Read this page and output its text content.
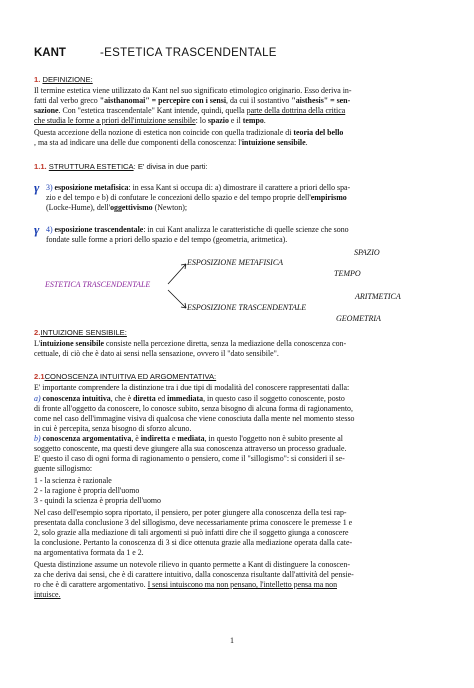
KANT	-ESTETICA TRASCENDENTALE
1. DEFINIZIONE:
Il termine estetica viene utilizzato da Kant nel suo significato etimologico originario. Esso deriva in-
fatti dal verbo greco "aisthanomai" = percepire con i sensi, da cui il sostantivo "aisthesis" = sen-
sazione. Con "estetica trascendentale" Kant intende, quindi, quella parte della dottrina della critica
che studia le forme a priori dell'intuizione sensibile: lo spazio e il tempo.
Questa accezione della nozione di estetica non coincide con quella tradizionale di teoria del bello
, ma sta ad indicare una delle due componenti della conoscenza: l'intuizione sensibile.
1.1. STRUTTURA ESTETICA: E' divisa in due parti:
γ 3) esposizione metafisica: in essa Kant si occupa di: a) dimostrare il carattere a priori dello spa-
zio e del tempo e b) di confutare le concezioni dello spazio e del tempo proprie dell'empirismo
(Locke-Hume), dell'oggettivismo (Newton);
γ 4) esposizione trascendentale: in cui Kant analizza le caratteristiche di quelle scienze che sono
fondate sulle forme a priori dello spazio e del tempo (geometria, aritmetica).
SPAZIO
ESPOSIZIONE METAFISICA
TEMPO
ESTETICA TRASCENDENTALE
ARITMETICA
ESPOSIZIONE TRASCENDENTALE
GEOMETRIA
2.INTUIZIONE SENSIBILE:
L'intuizione sensibile consiste nella percezione diretta, senza la mediazione della conoscenza con-
cettuale, di ciò che è dato ai sensi nella sensazione, ovvero il "dato sensibile".
2.1CONOSCENZA INTUITIVA ED ARGOMENTATIVA:
E' importante comprendere la distinzione tra i due tipi di modalità del conoscere rappresentati dalla:
a) conoscenza intuitiva, che è diretta ed immediata, in questo caso il soggetto conoscente, posto
di fronte all'oggetto da conoscere, lo conosce subito, senza bisogno di alcuna forma di ragionamento,
come nel caso dell'immagine visiva di qualcosa che viene conosciuta dalla mente nel momento stesso
in cui è percepita, senza bisogno di sforzo alcuno.
b) conoscenza argomentativa, è indiretta e mediata, in questo l'oggetto non è subito presente al
soggetto conoscente, ma questi deve giungere alla sua conoscenza attraverso un processo graduale.
E' questo il caso di ogni forma di ragionamento o pensiero, come il "sillogismo": si consideri il se-
guente sillogismo:
1 - la scienza è razionale
2 - la ragione è propria dell'uomo
3 - quindi la scienza è propria dell'uomo
Nel caso dell'esempio sopra riportato, il pensiero, per poter giungere alla conoscenza della tesi rap-
presentata dalla conclusione 3 del sillogismo, deve necessariamente prima conoscere le premesse 1 e
2, solo grazie alla mediazione di tali argomenti si può infatti dire che il soggetto giunga a conoscere
la conclusione. Pertanto la conoscenza di 3 si dice ottenuta grazie alla mediazione operata dalla cate-
na argomentativa formata da 1 e 2.
Questa distinzione assume un notevole rilievo in quanto permette a Kant di distinguere la conoscen-
za che deriva dai sensi, che è di carattere intuitivo, dalla conoscenza risultante dall'attività del pensie-
ro che è di carattere argomentativo. I sensi intuiscono ma non pensano, l'intelletto pensa ma non
intuisce.
1
